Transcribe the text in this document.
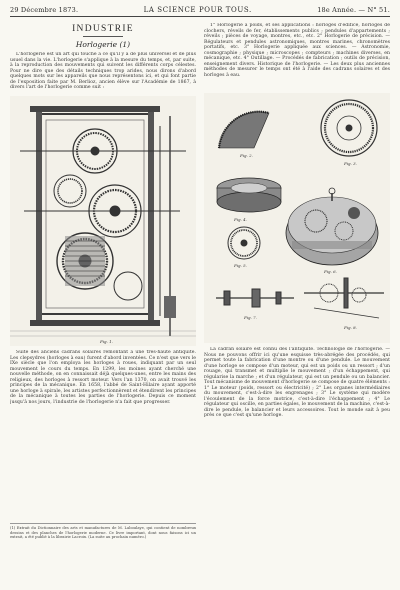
29 Décembre 1873.	LA SCIENCE POUR TOUS.	18e Année. — N° 51.
INDUSTRIE
Horlogerie (1)

L'horlogerie est un art qui touche à ce qu'il y a de plus universel et de plus usuel dans la vie. L'horlogerie s'applique à la mesure du temps, et, par suite, à la reproduction des mouvements qui suivent les différents corps célestes. Pour ne dire que des détails techniques trop arides, nous dirons d'abord quelques mots sur les appareils que nous représentons ici, et qui font partie de l'exposition faite par M. Berlioz, ancien élève sur l'Académie de 1867, à divers l'art de l'horlogerie comme suit :

Fig. 1.

Suite des anciens cadrans solaires remontant à une très-haute antiquité. Les clepsydres (horloges à eau) furent d'abord inventées. Ce n'est que vers le IXe siècle que l'on employa les horloges à roues, indiquant par un seul mouvement le cours du temps. En 1299, les moines ayant cherché une nouvelle méthode, on en connaissait déjà quelques-unes, entre les mains des religieux, des horloges à ressort moteur. Vers l'an 1370, on avait trouvé les principes de la mécanique. En 1658, l'abbé de Saint-Hilaire ayant apporté une horloge à spirale, les artistes perfectionnèrent et étendirent les principes de la mécanique à toutes les parties de l'horlogerie. Depuis ce moment jusqu'à nos jours, l'industrie de l'horlogerie n'a fait que progresser.

(1) Extrait du Dictionnaire des arts et manufactures de M. Laboulaye, qui contient de nombreux dessins et des planches de l'horlogerie moderne. Ce livre important, dont nous faisons ici un extrait, a été publié à la librairie Lacroix. (La suite au prochain numéro.)

1° Horlogerie à poids, et ses applications : horloges d'édifice, horloges de clochers, réveils de fer, établissements publics ; pendules d'appartements ; réveils ; pièces de voyage, montres, etc., etc. 2° Horlogerie de précision. — Régulateurs et pendules astronomiques, montres marines, chronomètres portatifs, etc. 3° Horlogerie appliquée aux sciences. — Astronomie, cosmographie ; physique ; microscopes ; compteurs ; machines diverses, en mécanique, etc. 4° Outillage. — Procédés de fabrication ; outils de précision, enseignement divers. Historique de l'horlogerie. — Les deux plus anciennes méthodes de mesurer le temps ont été à l'aide des cadrans solaires et des horloges à eau.

Fig. 2.
Fig. 3.
Fig. 4.
Fig. 5.
Fig. 6.
Fig. 7.
Fig. 8.

La cadran solaire est connu dès l'antiquité. Technologie de l'horlogerie. — Nous ne pouvons offrir ici qu'une esquisse très-abrégée des procédés, qui permet toute la fabrication d'une montre ou d'une pendule. Le mouvement d'une horloge se compose d'un moteur, qui est un poids ou un ressort ; d'un rouage, qui transmet et multiplie le mouvement ; d'un échappement, qui régularise la marche ; et d'un régulateur, qui est un pendule ou un balancier. Tout mécanisme de mouvement d'horlogerie se compose de quatre éléments : 1° Le moteur (poids, ressort ou électricité) ; 2° Les organes intermédiaires du mouvement, c'est-à-dire les engrenages ; 3° Le système qui modère l'écoulement de la force motrice, c'est-à-dire l'échappement ; 4° Le régulateur qui oscille, en parties égales, le mouvement de la machine, c'est-à-dire le pendule, le balancier et leurs accessoires. Tout le monde sait à peu près ce que c'est qu'une horloge.
